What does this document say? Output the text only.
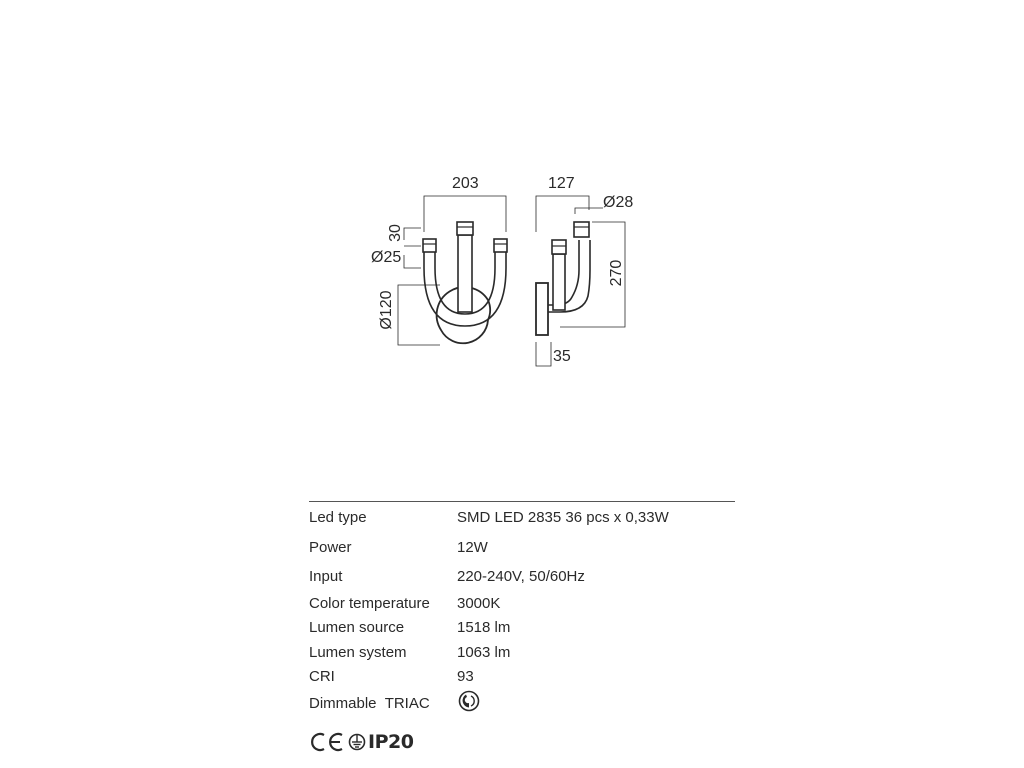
203	127
30
Ø25
Ø28
Ø120
270
35
Led type	SMD LED 2835 36 pcs x 0,33W
Power	12W
Input	220-240V, 50/60Hz
Color temperature 3000K
Lumen source	1518 lm
Lumen system	1063 lm
CRI	93
Dimmable TRIAC
IP20
